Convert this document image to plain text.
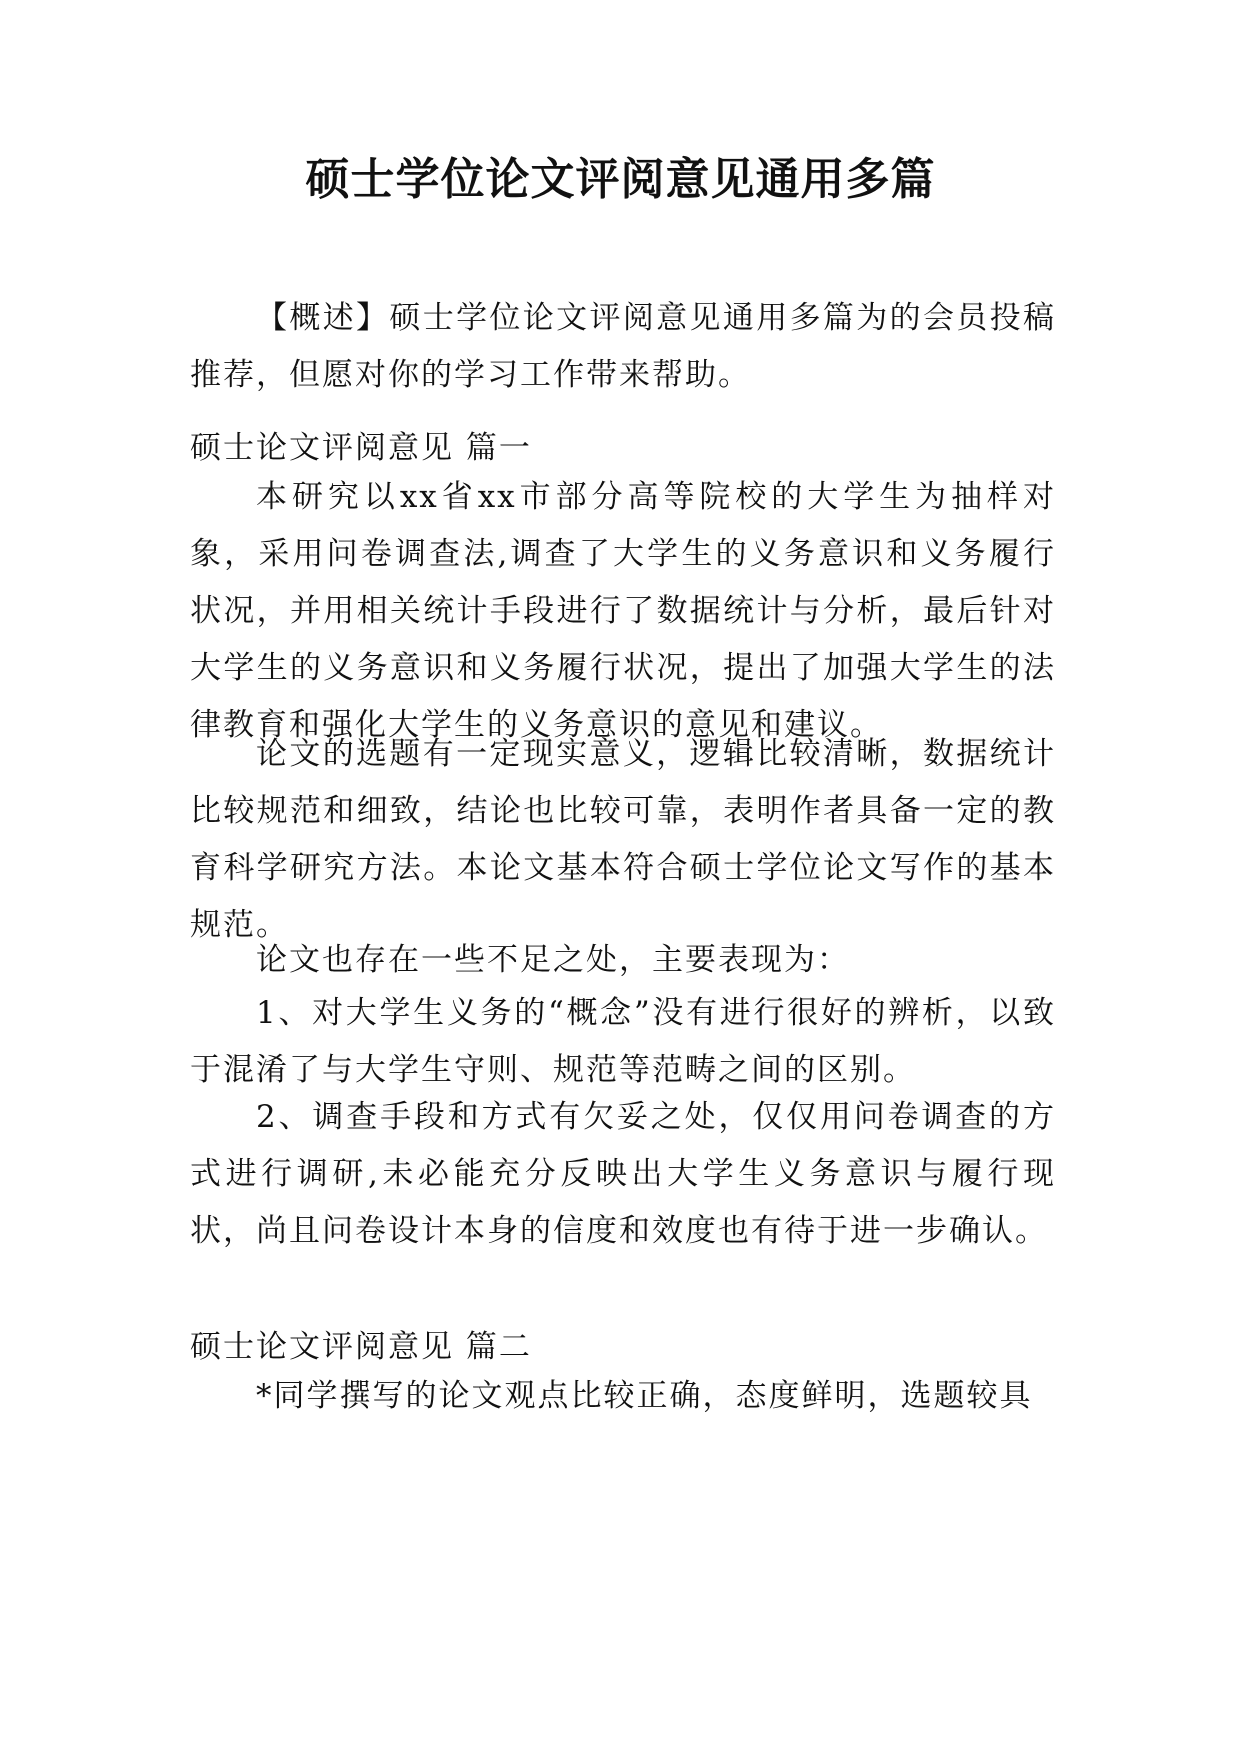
硕士学位论文评阅意见通用多篇

【概述】硕士学位论文评阅意见通用多篇为的会员投稿推荐，但愿对你的学习工作带来帮助。

硕士论文评阅意见 篇一

本研究以xx省xx市部分高等院校的大学生为抽样对象，采用问卷调查法,调查了大学生的义务意识和义务履行状况，并用相关统计手段进行了数据统计与分析，最后针对大学生的义务意识和义务履行状况，提出了加强大学生的法律教育和强化大学生的义务意识的意见和建议。

论文的选题有一定现实意义，逻辑比较清晰，数据统计比较规范和细致，结论也比较可靠，表明作者具备一定的教育科学研究方法。本论文基本符合硕士学位论文写作的基本规范。

论文也存在一些不足之处，主要表现为：

1、对大学生义务的“概念”没有进行很好的辨析，以致于混淆了与大学生守则、规范等范畴之间的区别。

2、调查手段和方式有欠妥之处，仅仅用问卷调查的方式进行调研,未必能充分反映出大学生义务意识与履行现状，尚且问卷设计本身的信度和效度也有待于进一步确认。

硕士论文评阅意见 篇二

*同学撰写的论文观点比较正确，态度鲜明，选题较具
